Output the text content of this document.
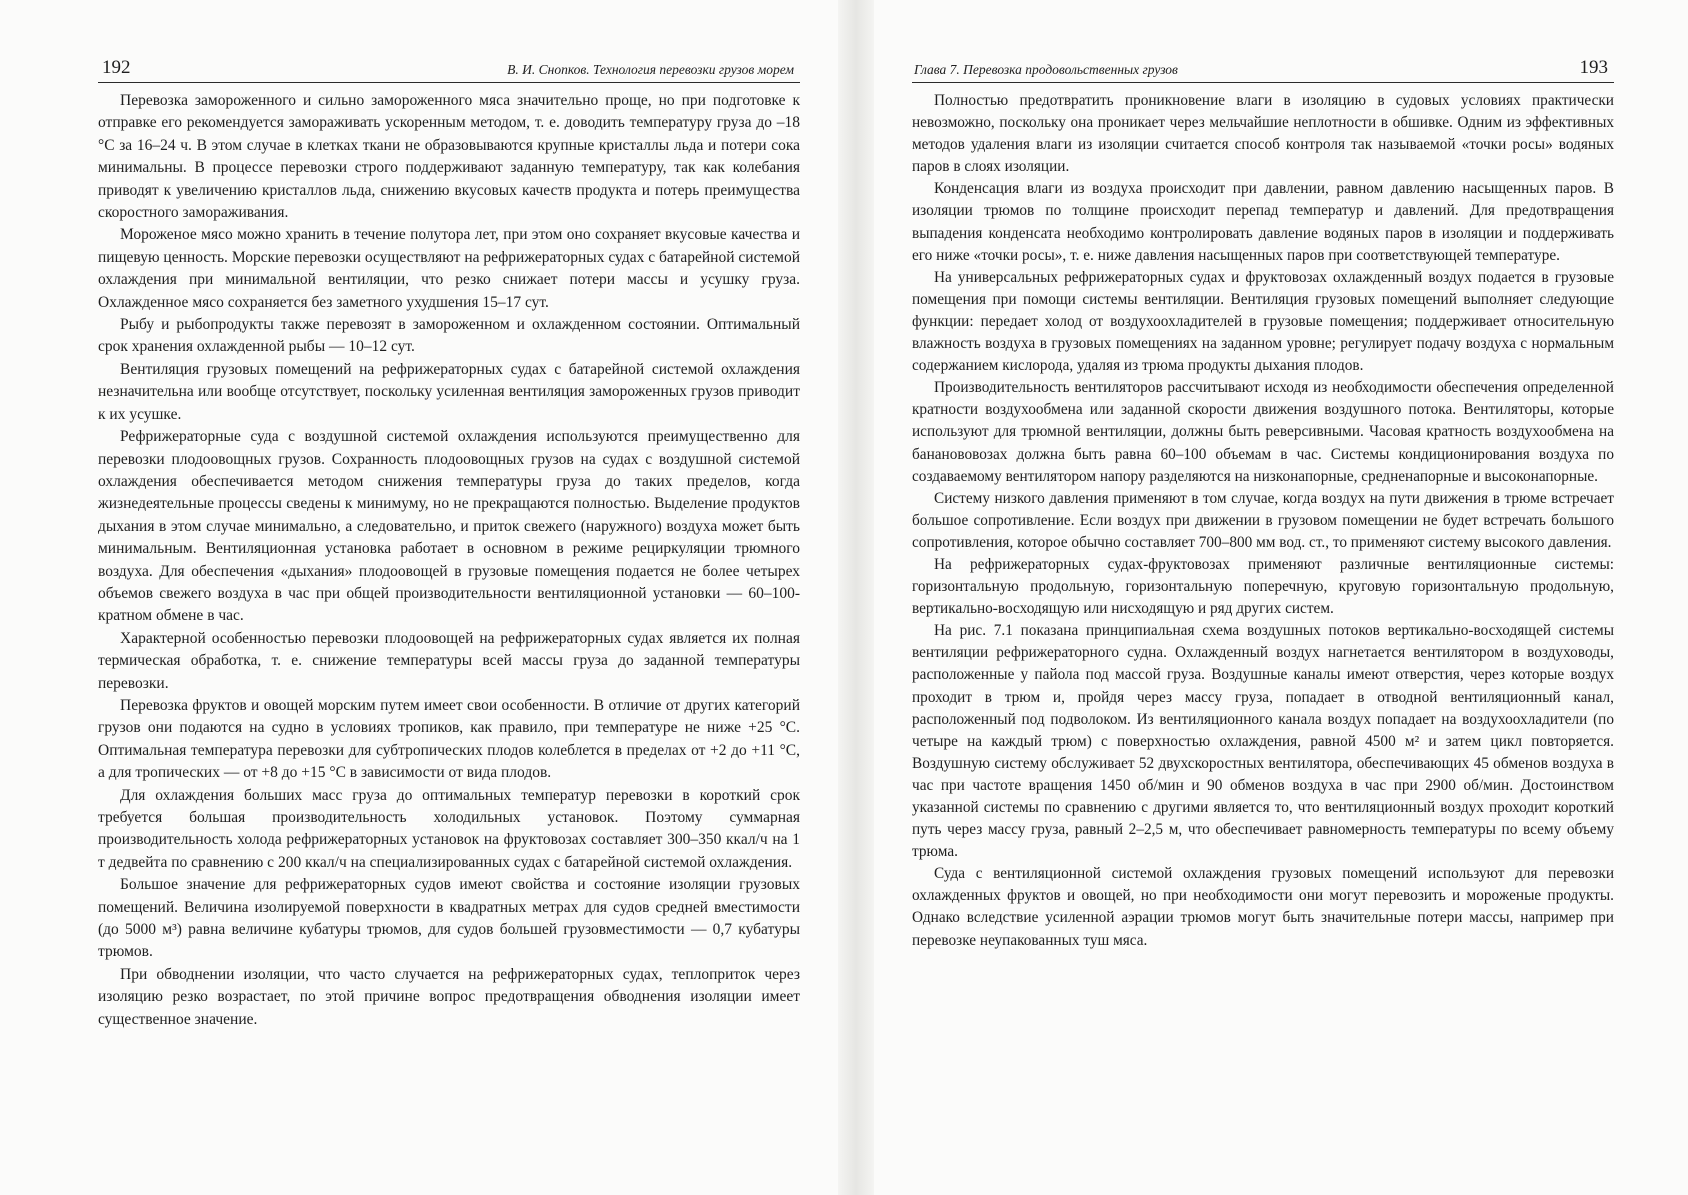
192	В. И. Снопков. Технология перевозки грузов морем

Перевозка замороженного и сильно замороженного мяса значительно проще, но при подготовке к отправке его рекомендуется замораживать ускоренным методом, т. е. доводить температуру груза до –18 °С за 16–24 ч. В этом случае в клетках ткани не образовываются крупные кристаллы льда и потери сока минимальны. В процессе перевозки строго поддерживают заданную температуру, так как колебания приводят к увеличению кристаллов льда, снижению вкусовых качеств продукта и потерь преимущества скоростного замораживания.

Мороженое мясо можно хранить в течение полутора лет, при этом оно сохраняет вкусовые качества и пищевую ценность. Морские перевозки осуществляют на рефрижераторных судах с батарейной системой охлаждения при минимальной вентиляции, что резко снижает потери массы и усушку груза. Охлажденное мясо сохраняется без заметного ухудшения 15–17 сут.

Рыбу и рыбопродукты также перевозят в замороженном и охлажденном состоянии. Оптимальный срок хранения охлажденной рыбы — 10–12 сут.

Вентиляция грузовых помещений на рефрижераторных судах с батарейной системой охлаждения незначительна или вообще отсутствует, поскольку усиленная вентиляция замороженных грузов приводит к их усушке.

Рефрижераторные суда с воздушной системой охлаждения используются преимущественно для перевозки плодоовощных грузов. Сохранность плодоовощных грузов на судах с воздушной системой охлаждения обеспечивается методом снижения температуры груза до таких пределов, когда жизнедеятельные процессы сведены к минимуму, но не прекращаются полностью. Выделение продуктов дыхания в этом случае минимально, а следовательно, и приток свежего (наружного) воздуха может быть минимальным. Вентиляционная установка работает в основном в режиме рециркуляции трюмного воздуха. Для обеспечения «дыхания» плодоовощей в грузовые помещения подается не более четырех объемов свежего воздуха в час при общей производительности вентиляционной установки — 60–100-кратном обмене в час.

Характерной особенностью перевозки плодоовощей на рефрижераторных судах является их полная термическая обработка, т. е. снижение температуры всей массы груза до заданной температуры перевозки.

Перевозка фруктов и овощей морским путем имеет свои особенности. В отличие от других категорий грузов они подаются на судно в условиях тропиков, как правило, при температуре не ниже +25 °С. Оптимальная температура перевозки для субтропических плодов колеблется в пределах от +2 до +11 °С, а для тропических — от +8 до +15 °С в зависимости от вида плодов.

Для охлаждения больших масс груза до оптимальных температур перевозки в короткий срок требуется большая производительность холодильных установок. Поэтому суммарная производительность холода рефрижераторных установок на фруктовозах составляет 300–350 ккал/ч на 1 т дедвейта по сравнению с 200 ккал/ч на специализированных судах с батарейной системой охлаждения.

Большое значение для рефрижераторных судов имеют свойства и состояние изоляции грузовых помещений. Величина изолируемой поверхности в квадратных метрах для судов средней вместимости (до 5000 м³) равна величине кубатуры трюмов, для судов большей грузовместимости — 0,7 кубатуры трюмов.

При обводнении изоляции, что часто случается на рефрижераторных судах, теплоприток через изоляцию резко возрастает, по этой причине вопрос предотвращения обводнения изоляции имеет существенное значение.

Глава 7. Перевозка продовольственных грузов	193

Полностью предотвратить проникновение влаги в изоляцию в судовых условиях практически невозможно, поскольку она проникает через мельчайшие неплотности в обшивке. Одним из эффективных методов удаления влаги из изоляции считается способ контроля так называемой «точки росы» водяных паров в слоях изоляции.

Конденсация влаги из воздуха происходит при давлении, равном давлению насыщенных паров. В изоляции трюмов по толщине происходит перепад температур и давлений. Для предотвращения выпадения конденсата необходимо контролировать давление водяных паров в изоляции и поддерживать его ниже «точки росы», т. е. ниже давления насыщенных паров при соответствующей температуре.

На универсальных рефрижераторных судах и фруктовозах охлажденный воздух подается в грузовые помещения при помощи системы вентиляции. Вентиляция грузовых помещений выполняет следующие функции: передает холод от воздухоохладителей в грузовые помещения; поддерживает относительную влажность воздуха в грузовых помещениях на заданном уровне; регулирует подачу воздуха с нормальным содержанием кислорода, удаляя из трюма продукты дыхания плодов.

Производительность вентиляторов рассчитывают исходя из необходимости обеспечения определенной кратности воздухообмена или заданной скорости движения воздушного потока. Вентиляторы, которые используют для трюмной вентиляции, должны быть реверсивными. Часовая кратность воздухообмена на бананововозах должна быть равна 60–100 объемам в час. Системы кондиционирования воздуха по создаваемому вентилятором напору разделяются на низконапорные, средненапорные и высоконапорные.

Систему низкого давления применяют в том случае, когда воздух на пути движения в трюме встречает большое сопротивление. Если воздух при движении в грузовом помещении не будет встречать большого сопротивления, которое обычно составляет 700–800 мм вод. ст., то применяют систему высокого давления.

На рефрижераторных судах-фруктовозах применяют различные вентиляционные системы: горизонтальную продольную, горизонтальную поперечную, круговую горизонтальную продольную, вертикально-восходящую или нисходящую и ряд других систем.

На рис. 7.1 показана принципиальная схема воздушных потоков вертикально-восходящей системы вентиляции рефрижераторного судна. Охлажденный воздух нагнетается вентилятором в воздуховоды, расположенные у пайола под массой груза. Воздушные каналы имеют отверстия, через которые воздух проходит в трюм и, пройдя через массу груза, попадает в отводной вентиляционный канал, расположенный под подволоком. Из вентиляционного канала воздух попадает на воздухоохладители (по четыре на каждый трюм) с поверхностью охлаждения, равной 4500 м² и затем цикл повторяется. Воздушную систему обслуживает 52 двухскоростных вентилятора, обеспечивающих 45 обменов воздуха в час при частоте вращения 1450 об/мин и 90 обменов воздуха в час при 2900 об/мин. Достоинством указанной системы по сравнению с другими является то, что вентиляционный воздух проходит короткий путь через массу груза, равный 2–2,5 м, что обеспечивает равномерность температуры по всему объему трюма.

Суда с вентиляционной системой охлаждения грузовых помещений используют для перевозки охлажденных фруктов и овощей, но при необходимости они могут перевозить и мороженые продукты. Однако вследствие усиленной аэрации трюмов могут быть значительные потери массы, например при перевозке неупакованных туш мяса.
